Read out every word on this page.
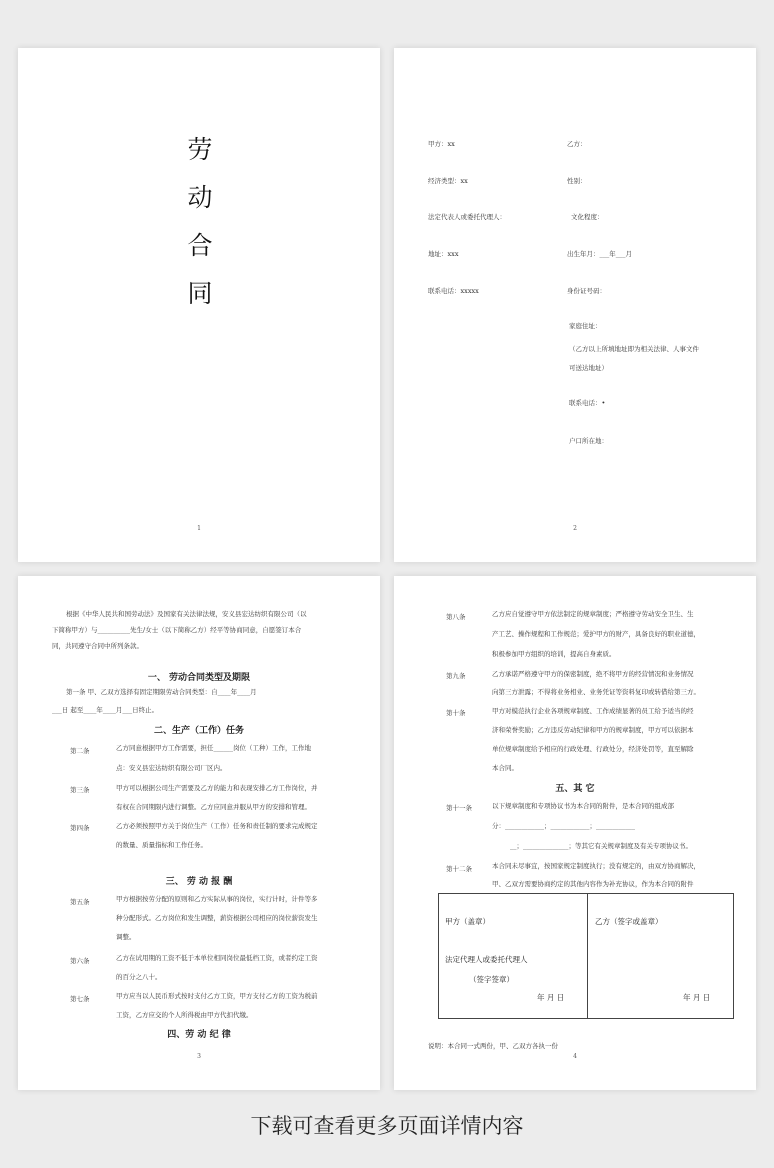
劳
动
合
同
1
甲方：xx	乙方：
经济类型：xx	性别：
法定代表人或委托代理人：	文化程度：
地址：xxx	出生年月：___年___月
联系电话：xxxxx	身份证号码：
家庭住址：
（乙方以上所填地址即为相关法律、人事文件
可送达地址）
联系电话：•
户口所在地：
2
根据《中华人民共和国劳动法》及国家有关法律法规，安义县宏达纺织有限公司（以
下简称甲方）与__________先生/女士（以下简称乙方）经平等协商同意，自愿签订本合
同，共同遵守合同中所列条款。
一、 劳动合同类型及期限
第一条 甲、乙双方选择有固定期限劳动合同类型：自____年____月
___日 起至____年____月___日终止。
二、生产（工作）任务
第二条	乙方同意根据甲方工作需要，担任______岗位（工种）工作，工作地
点：安义县宏达纺织有限公司厂区内。
第三条	甲方可以根据公司生产需要及乙方的能力和表现安排乙方工作岗位，并
有权在合同期限内进行调整。乙方应同意并服从甲方的安排和管理。
第四条	乙方必须按照甲方关于岗位生产（工作）任务和责任制的要求完成规定
的数量、质量指标和工作任务。
三、 劳 动 报 酬
第五条	甲方根据按劳分配的原则和乙方实际从事的岗位，实行计时，计件等多
种分配形式。乙方岗位和发生调整，薪资根据公司相应的岗位薪资发生
调整。
第六条	乙方在试用期的工资不低于本单位相同岗位最低档工资，或者约定工资
的百分之八十。
第七条	甲方应当以人民币形式按时支付乙方工资，甲方支付乙方的工资为税前
工资，乙方应交的个人所得税由甲方代扣代缴。
四、劳 动 纪 律
3
第八条	乙方应自觉遵守甲方依法制定的规章制度；严格遵守劳动安全卫生、生
产工艺、操作规程和工作规范；爱护甲方的财产，具备良好的职业道德，
积极参加甲方组织的培训，提高自身素质。
第九条	乙方承诺严格遵守甲方的保密制度，绝不将甲方的经营情况和业务情况
向第三方泄露；不得将业务相业、业务凭证等资料复印或转借给第三方。
第十条	甲方对模范执行企业各项规章制度、工作成绩显著的员工给予适当的经
济和荣誉奖励；乙方违反劳动纪律和甲方的规章制度，甲方可以依据本
单位规章制度给予相应的行政处理、行政处分，经济处罚等，直至解除
本合同。
五、其 它
第十一条	以下规章制度和专项协议书为本合同的附件，是本合同的组成部
分：____________；____________；____________
__；______________；等其它有关规章制度及有关专项协议书。
第十二条	本合同未尽事宜，按国家规定制度执行；没有规定的，由双方协商解决，
甲、乙双方需要协商约定的其他内容作为补充协议，作为本合同的附件
甲方（盖章）	乙方（签字或盖章）
法定代理人或委托代理人
（签字签章）
年 月 日	年 月 日
说明：本合同一式两份，甲、乙双方各执一份
4
下载可查看更多页面详情内容
